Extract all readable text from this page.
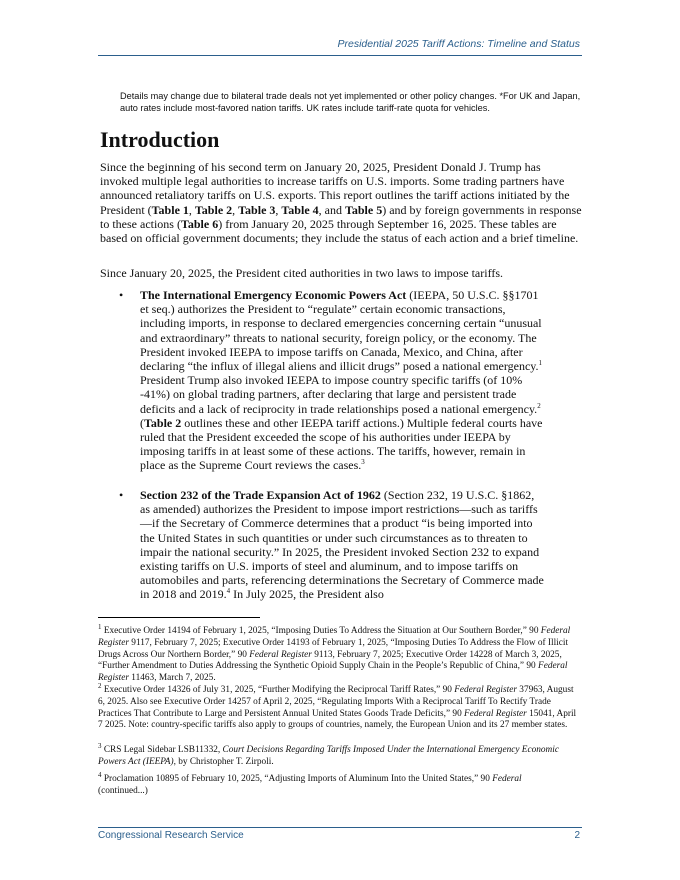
Presidential 2025 Tariff Actions: Timeline and Status
Details may change due to bilateral trade deals not yet implemented or other policy changes. *For UK and Japan, auto rates include most-favored nation tariffs. UK rates include tariff-rate quota for vehicles.
Introduction

Since the beginning of his second term on January 20, 2025, President Donald J. Trump has invoked multiple legal authorities to increase tariffs on U.S. imports. Some trading partners have announced retaliatory tariffs on U.S. exports. This report outlines the tariff actions initiated by the President (Table 1, Table 2, Table 3, Table 4, and Table 5) and by foreign governments in response to these actions (Table 6) from January 20, 2025 through September 16, 2025. These tables are based on official government documents; they include the status of each action and a brief timeline.

Since January 20, 2025, the President cited authorities in two laws to impose tariffs.

• The International Emergency Economic Powers Act (IEEPA, 50 U.S.C. §§1701 et seq.) authorizes the President to “regulate” certain economic transactions, including imports, in response to declared emergencies concerning certain “unusual and extraordinary” threats to national security, foreign policy, or the economy. The President invoked IEEPA to impose tariffs on Canada, Mexico, and China, after declaring “the influx of illegal aliens and illicit drugs” posed a national emergency.$^1$ President Trump also invoked IEEPA to impose country specific tariffs (of 10% -41%) on global trading partners, after declaring that large and persistent trade deficits and a lack of reciprocity in trade relationships posed a national emergency.$^2$ (Table 2 outlines these and other IEEPA tariff actions.) Multiple federal courts have ruled that the President exceeded the scope of his authorities under IEEPA by imposing tariffs in at least some of these actions. The tariffs, however, remain in place as the Supreme Court reviews the cases.$^3$

• Section 232 of the Trade Expansion Act of 1962 (Section 232, 19 U.S.C. §1862, as amended) authorizes the President to impose import restrictions—such as tariffs—if the Secretary of Commerce determines that a product “is being imported into the United States in such quantities or under such circumstances as to threaten to impair the national security.” In 2025, the President invoked Section 232 to expand existing tariffs on U.S. imports of steel and aluminum, and to impose tariffs on automobiles and parts, referencing determinations the Secretary of Commerce made in 2018 and 2019.$^4$ In July 2025, the President also

$^1$ Executive Order 14194 of February 1, 2025, “Imposing Duties To Address the Situation at Our Southern Border,” 90 Federal Register 9117, February 7, 2025; Executive Order 14193 of February 1, 2025, “Imposing Duties To Address the Flow of Illicit Drugs Across Our Northern Border,” 90 Federal Register 9113, February 7, 2025; Executive Order 14228 of March 3, 2025, “Further Amendment to Duties Addressing the Synthetic Opioid Supply Chain in the People’s Republic of China,” 90 Federal Register 11463, March 7, 2025.

$^2$ Executive Order 14326 of July 31, 2025, “Further Modifying the Reciprocal Tariff Rates,” 90 Federal Register 37963, August 6, 2025. Also see Executive Order 14257 of April 2, 2025, “Regulating Imports With a Reciprocal Tariff To Rectify Trade Practices That Contribute to Large and Persistent Annual United States Goods Trade Deficits,” 90 Federal Register 15041, April 7 2025. Note: country-specific tariffs also apply to groups of countries, namely, the European Union and its 27 member states.

$^3$ CRS Legal Sidebar LSB11332, Court Decisions Regarding Tariffs Imposed Under the International Emergency Economic Powers Act (IEEPA), by Christopher T. Zirpoli.

$^4$ Proclamation 10895 of February 10, 2025, “Adjusting Imports of Aluminum Into the United States,” 90 Federal
(continued...)

Congressional Research Service	2
